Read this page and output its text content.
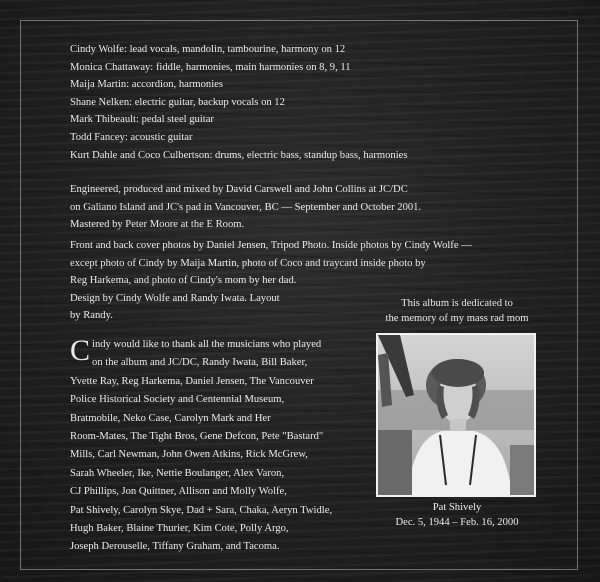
Cindy Wolfe: lead vocals, mandolin, tambourine, harmony on 12
Monica Chattaway: fiddle, harmonies, main harmonies on 8, 9, 11
Maija Martin: accordion, harmonies
Shane Nelken: electric guitar, backup vocals on 12
Mark Thibeault: pedal steel guitar
Todd Fancey: acoustic guitar
Kurt Dahle and Coco Culbertson: drums, electric bass, standup bass, harmonies
Engineered, produced and mixed by David Carswell and John Collins at JC/DC
on Galiano Island and JC's pad in Vancouver, BC — September and October 2001.
Mastered by Peter Moore at the E Room.
Front and back cover photos by Daniel Jensen, Tripod Photo. Inside photos by Cindy Wolfe —
except photo of Cindy by Maija Martin, photo of Coco and traycard inside photo by
Reg Harkema, and photo of Cindy's mom by her dad.
Design by Cindy Wolfe and Randy Iwata. Layout
by Randy.
C indy would like to thank all the musicians who played
on the album and JC/DC, Randy Iwata, Bill Baker,
Yvette Ray, Reg Harkema, Daniel Jensen, The Vancouver
Police Historical Society and Centennial Museum,
Bratmobile, Neko Case, Carolyn Mark and Her
Room-Mates, The Tight Bros, Gene Defcon, Pete "Bastard"
Mills, Carl Newman, John Owen Atkins, Rick McGrew,
Sarah Wheeler, Ike, Nettie Boulanger, Alex Varon,
CJ Phillips, Jon Quittner, Allison and Molly Wolfe,
Pat Shively, Carolyn Skye, Dad + Sara, Chaka, Aeryn Twidle,
Hugh Baker, Blaine Thurier, Kim Cote, Polly Argo,
Joseph Derouselle, Tiffany Graham, and Tacoma.
This album is dedicated to
the memory of my mass rad mom
Pat Shively
Dec. 5, 1944 – Feb. 16, 2000
